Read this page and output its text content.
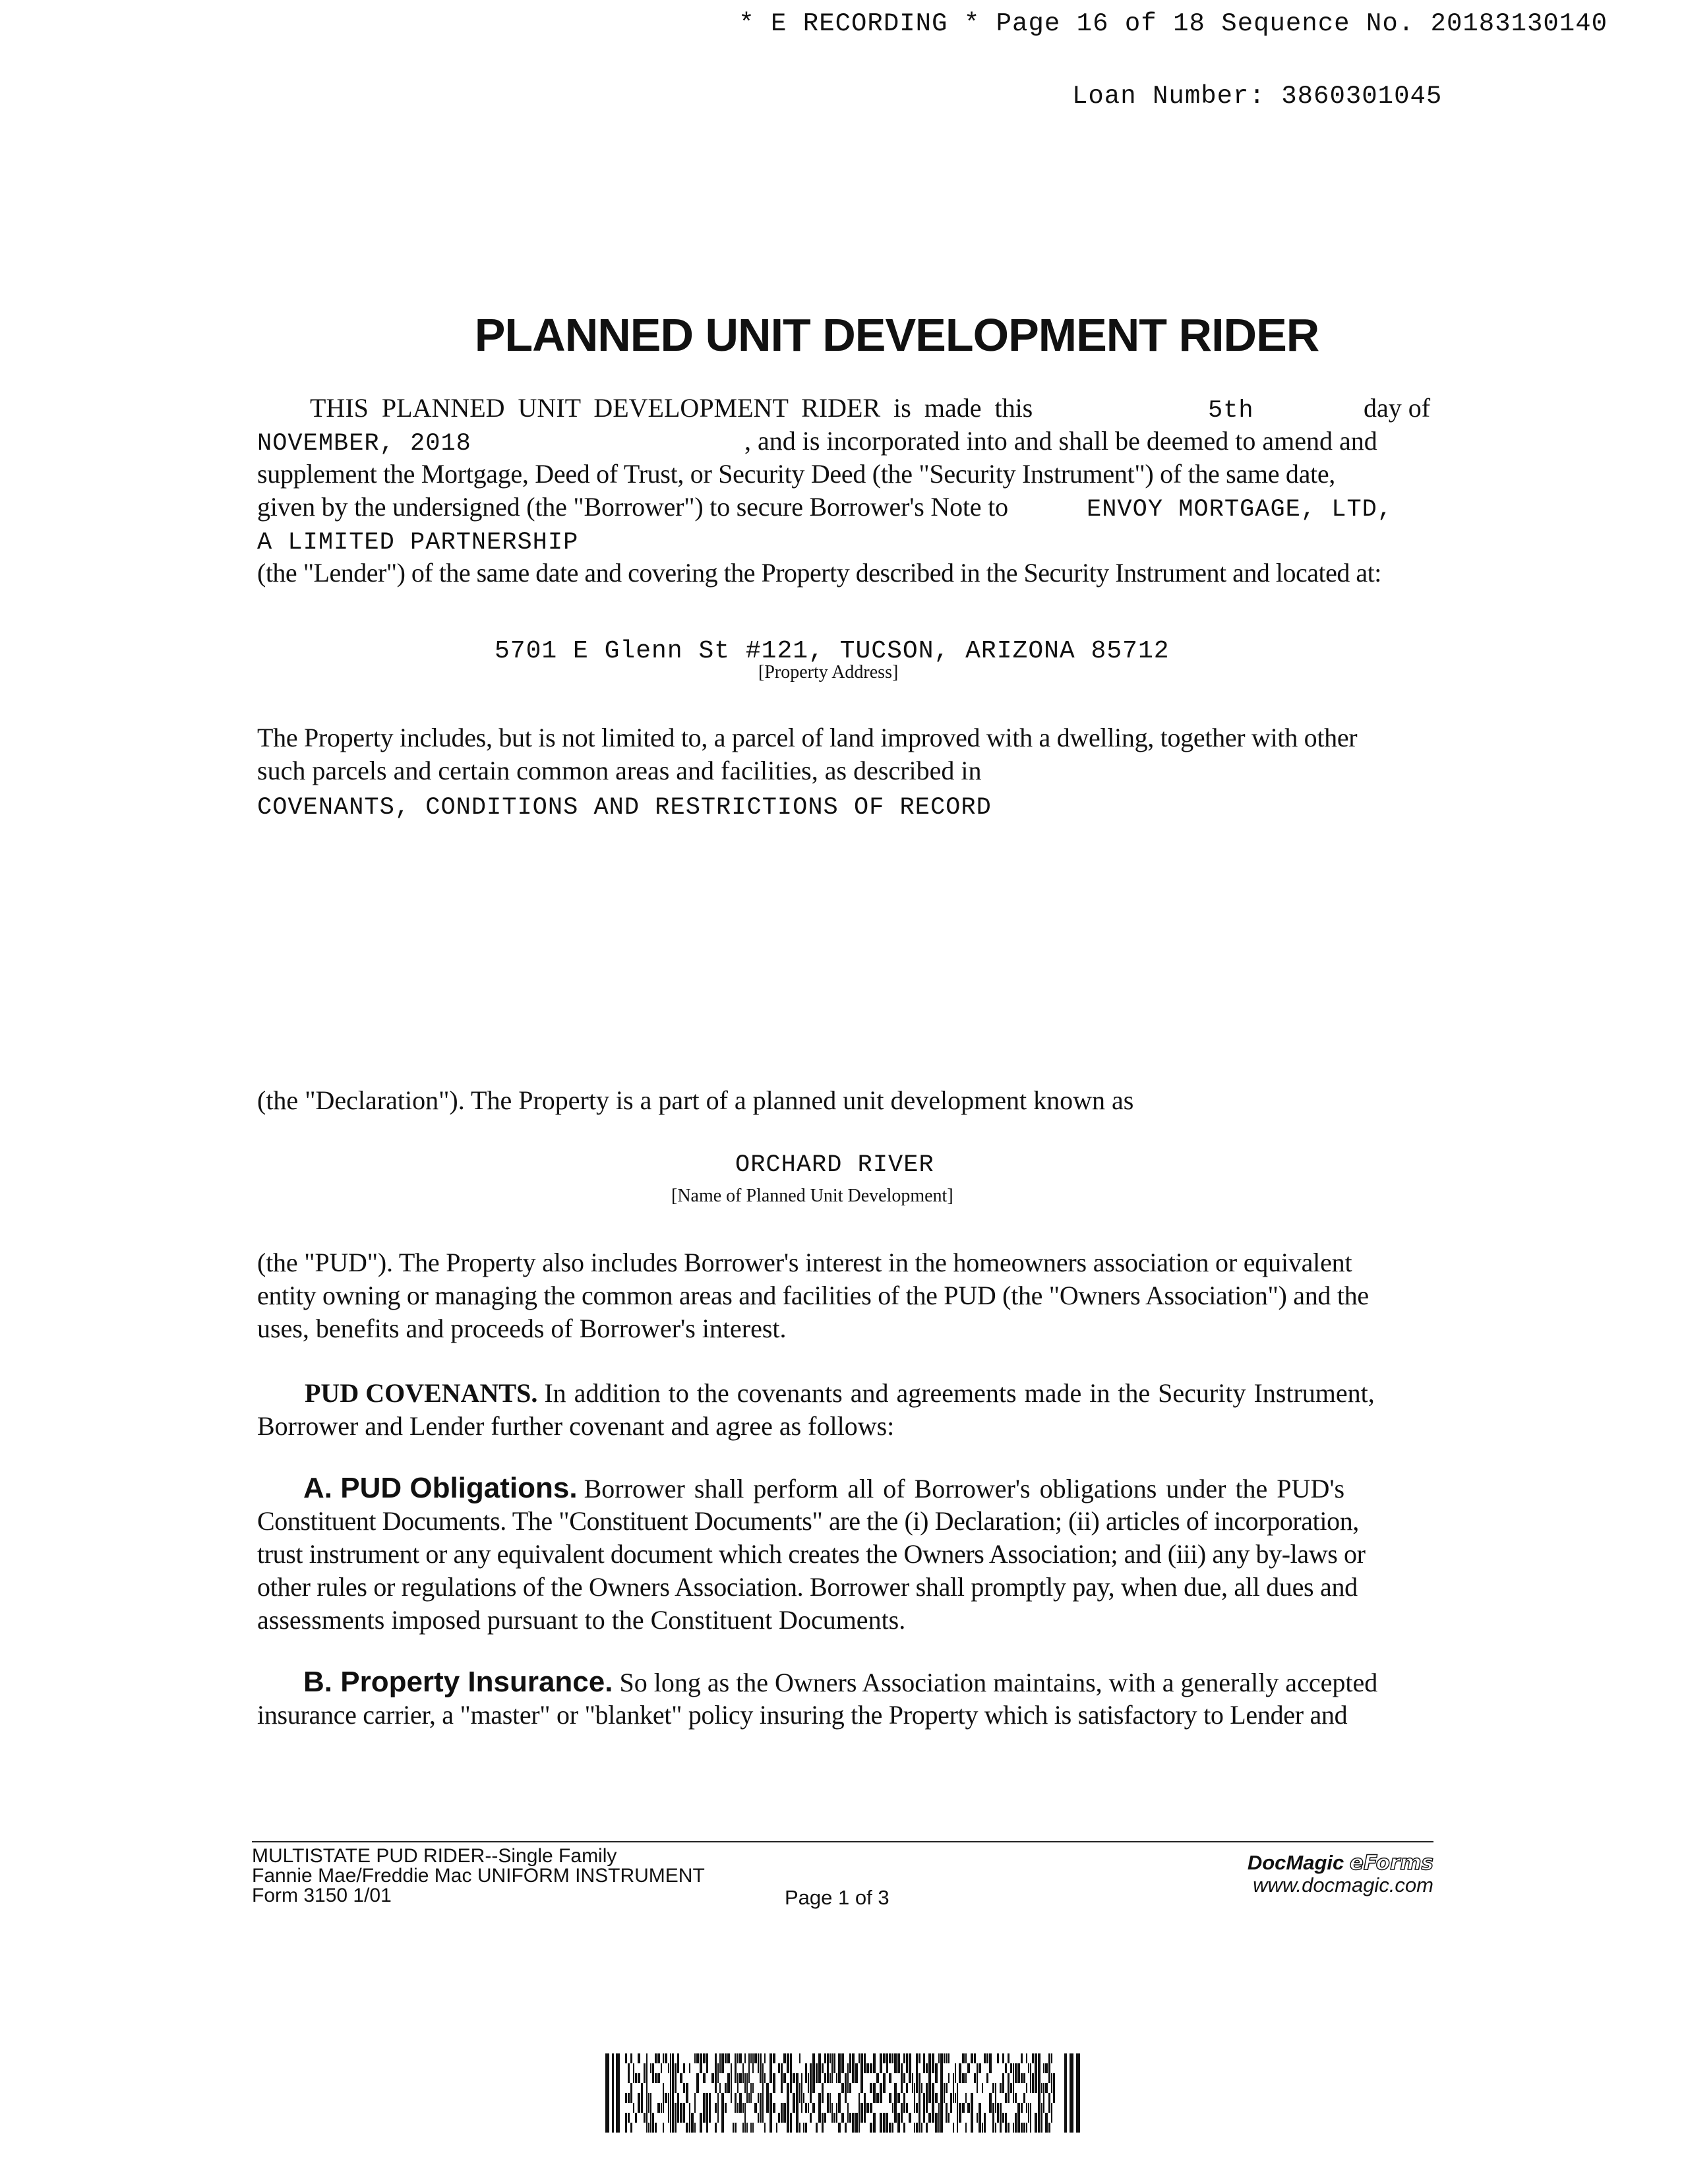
* E RECORDING * Page 16 of 18 Sequence No. 20183130140
Loan Number: 3860301045
PLANNED UNIT DEVELOPMENT RIDER
THIS PLANNED UNIT DEVELOPMENT RIDER is made this	5th	day of
NOVEMBER, 2018	, and is incorporated into and shall be deemed to amend and
supplement the Mortgage, Deed of Trust, or Security Deed (the "Security Instrument") of the same date,
given by the undersigned (the "Borrower") to secure Borrower's Note to	ENVOY MORTGAGE, LTD,
A LIMITED PARTNERSHIP
(the "Lender") of the same date and covering the Property described in the Security Instrument and located at:
5701 E Glenn St #121, TUCSON, ARIZONA 85712
[Property Address]
The Property includes, but is not limited to, a parcel of land improved with a dwelling, together with other
such parcels and certain common areas and facilities, as described in
COVENANTS, CONDITIONS AND RESTRICTIONS OF RECORD
(the "Declaration"). The Property is a part of a planned unit development known as
ORCHARD RIVER
[Name of Planned Unit Development]
(the "PUD"). The Property also includes Borrower's interest in the homeowners association or equivalent
entity owning or managing the common areas and facilities of the PUD (the "Owners Association") and the
uses, benefits and proceeds of Borrower's interest.
PUD COVENANTS. In addition to the covenants and agreements made in the Security Instrument,
Borrower and Lender further covenant and agree as follows:
A. PUD Obligations. Borrower shall perform all of Borrower's obligations under the PUD's
Constituent Documents. The "Constituent Documents" are the (i) Declaration; (ii) articles of incorporation,
trust instrument or any equivalent document which creates the Owners Association; and (iii) any by-laws or
other rules or regulations of the Owners Association. Borrower shall promptly pay, when due, all dues and
assessments imposed pursuant to the Constituent Documents.
B. Property Insurance. So long as the Owners Association maintains, with a generally accepted
insurance carrier, a "master" or "blanket" policy insuring the Property which is satisfactory to Lender and
MULTISTATE PUD RIDER--Single Family
Fannie Mae/Freddie Mac UNIFORM INSTRUMENT
Form 3150 1/01	Page 1 of 3
DocMagic eForms
www.docmagic.com
